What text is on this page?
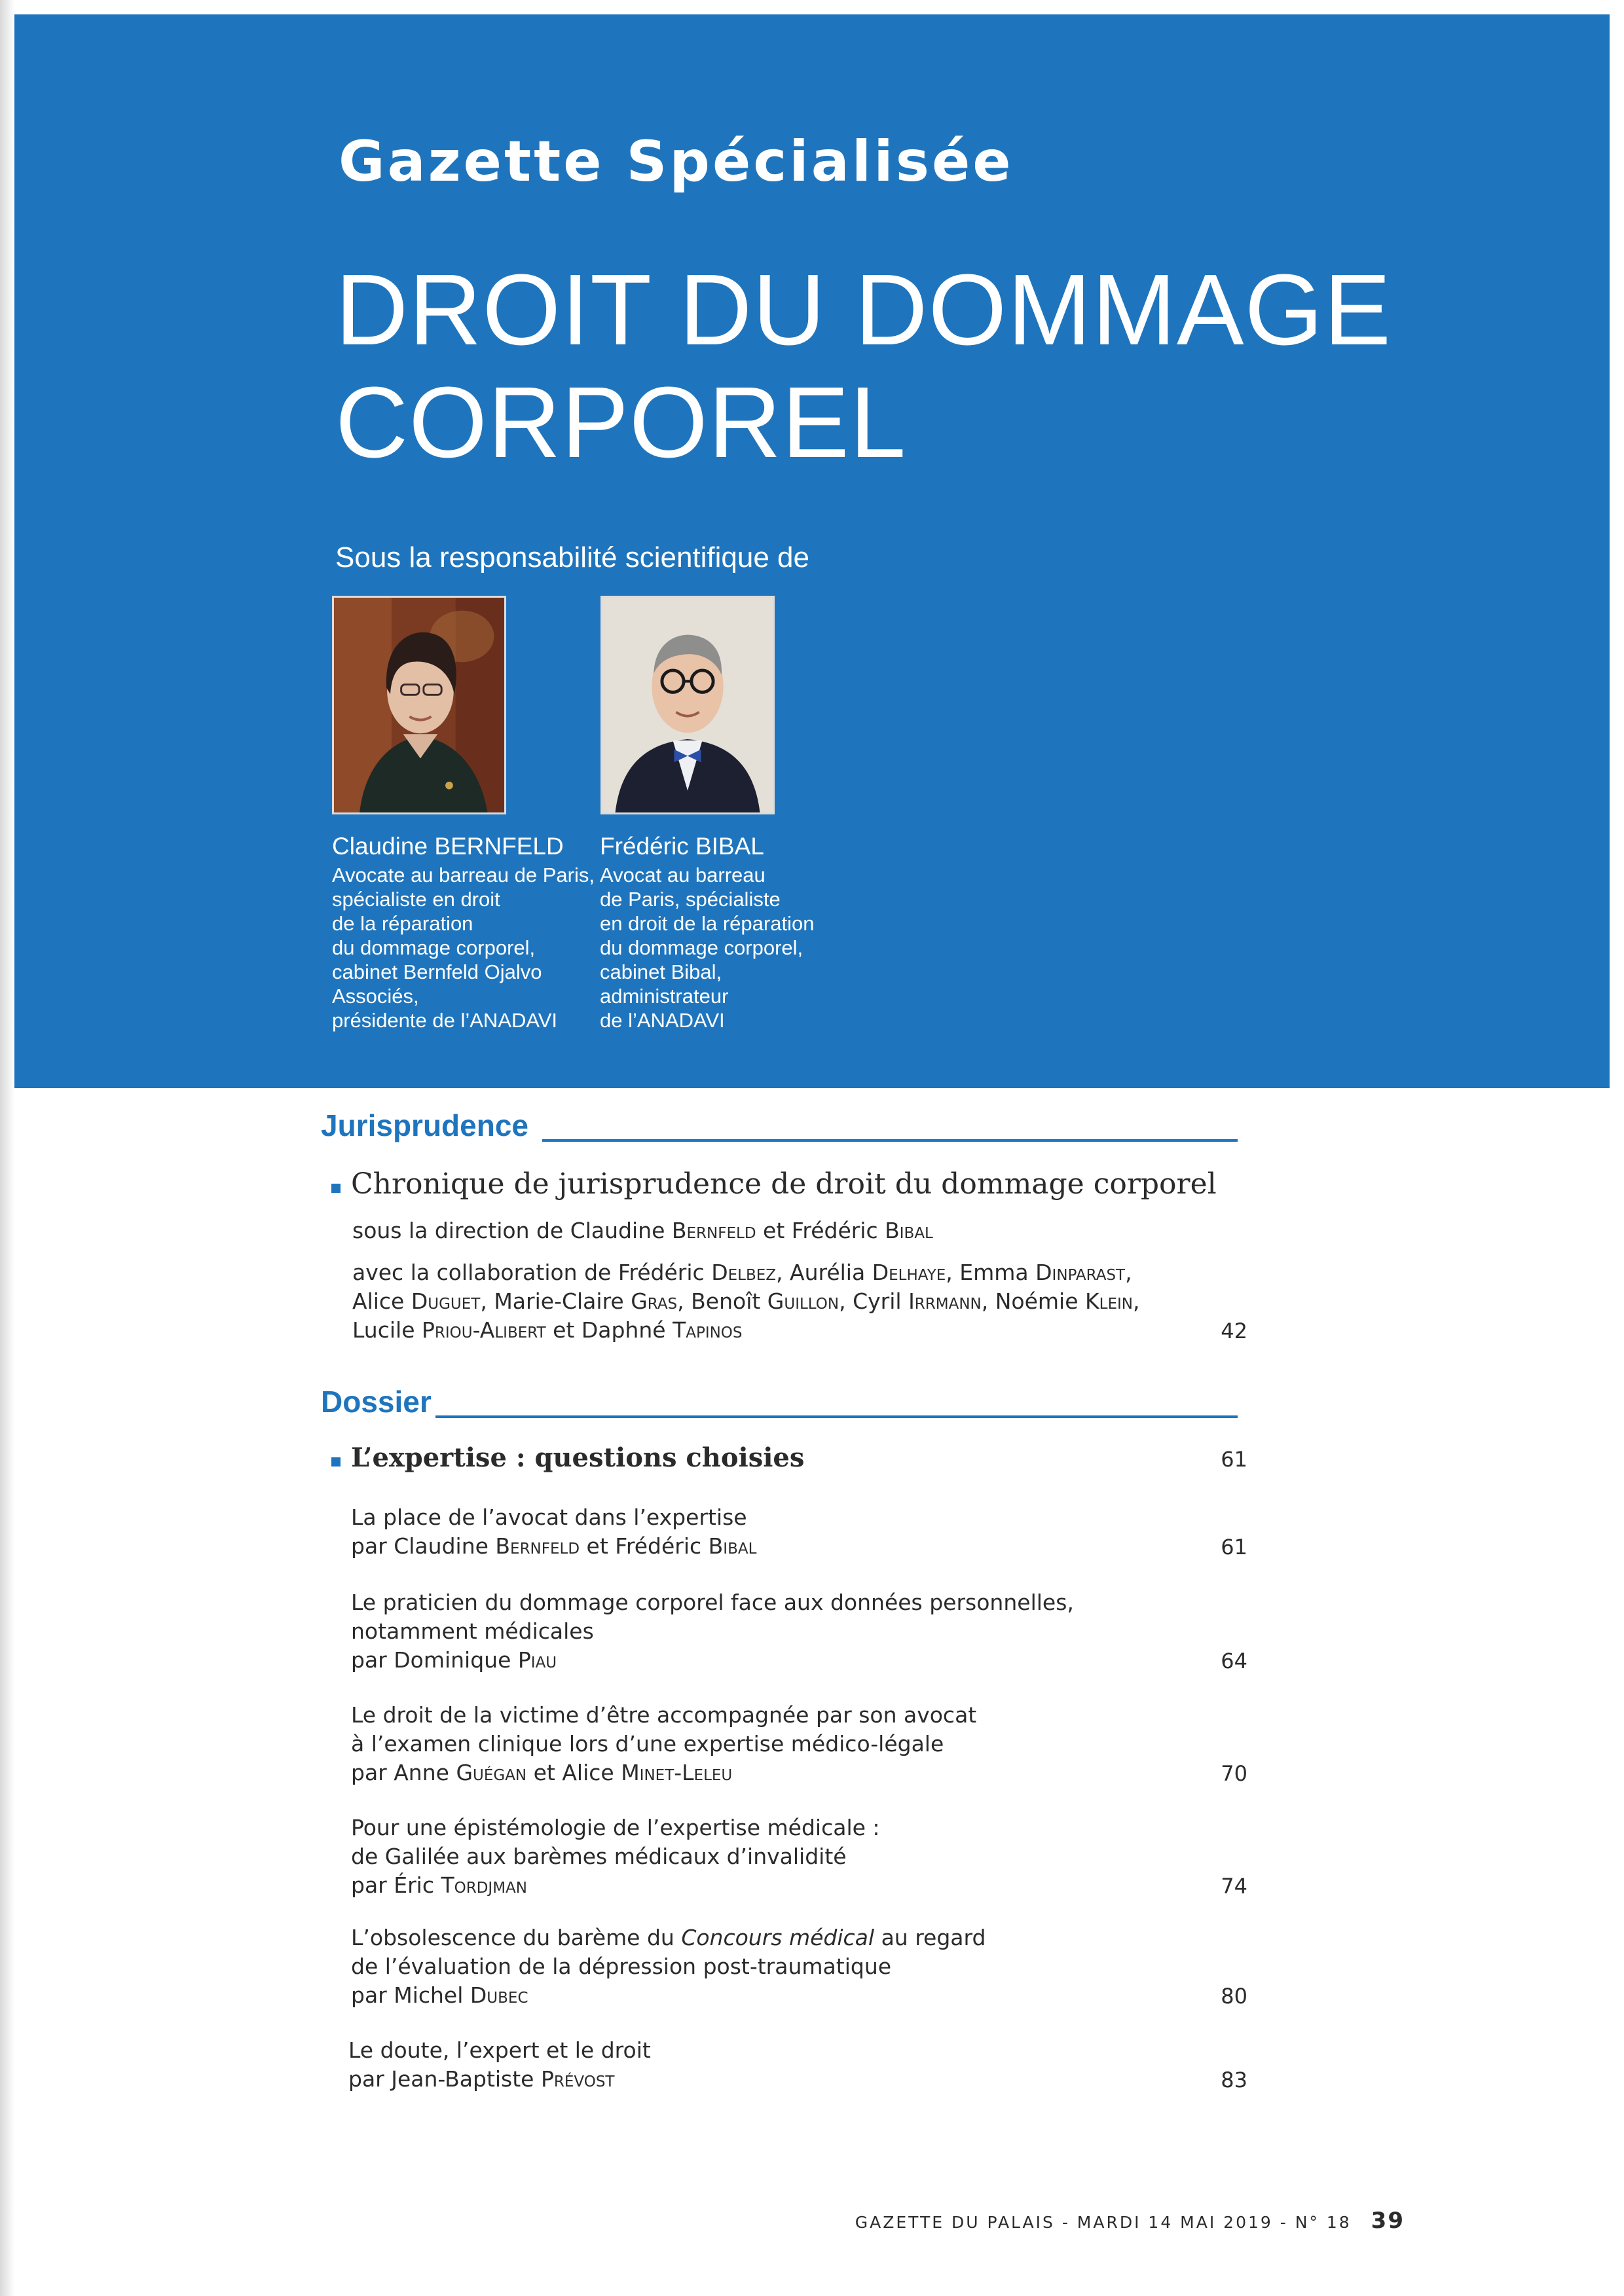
Gazette Spécialisée
DROIT DU DOMMAGE
CORPOREL
Sous la responsabilité scientifique de
Claudine BERNFELD
Avocate au barreau de Paris,
spécialiste en droit
de la réparation
du dommage corporel,
cabinet Bernfeld Ojalvo
Associés,
présidente de l’ANADAVI
Frédéric BIBAL
Avocat au barreau
de Paris, spécialiste
en droit de la réparation
du dommage corporel,
cabinet Bibal,
administrateur
de l’ANADAVI
Jurisprudence
Chronique de jurisprudence de droit du dommage corporel
sous la direction de Claudine Bernfeld et Frédéric Bibal
avec la collaboration de Frédéric Delbez, Aurélia Delhaye, Emma Dinparast,
Alice Duguet, Marie-Claire Gras, Benoît Guillon, Cyril Irrmann, Noémie Klein,
Lucile Priou-Alibert et Daphné Tapinos	42
Dossier
L’expertise : questions choisies	61
La place de l’avocat dans l’expertise
par Claudine Bernfeld et Frédéric Bibal	61
Le praticien du dommage corporel face aux données personnelles,
notamment médicales
par Dominique Piau	64
Le droit de la victime d’être accompagnée par son avocat
à l’examen clinique lors d’une expertise médico-légale
par Anne Guégan et Alice Minet-Leleu	70
Pour une épistémologie de l’expertise médicale :
de Galilée aux barèmes médicaux d’invalidité
par Éric Tordjman	74
L’obsolescence du barème du Concours médical au regard
de l’évaluation de la dépression post-traumatique
par Michel Dubec	80
Le doute, l’expert et le droit
par Jean-Baptiste Prévost	83
GAZETTE DU PALAIS - MARDI 14 MAI 2019 - N° 18 39
